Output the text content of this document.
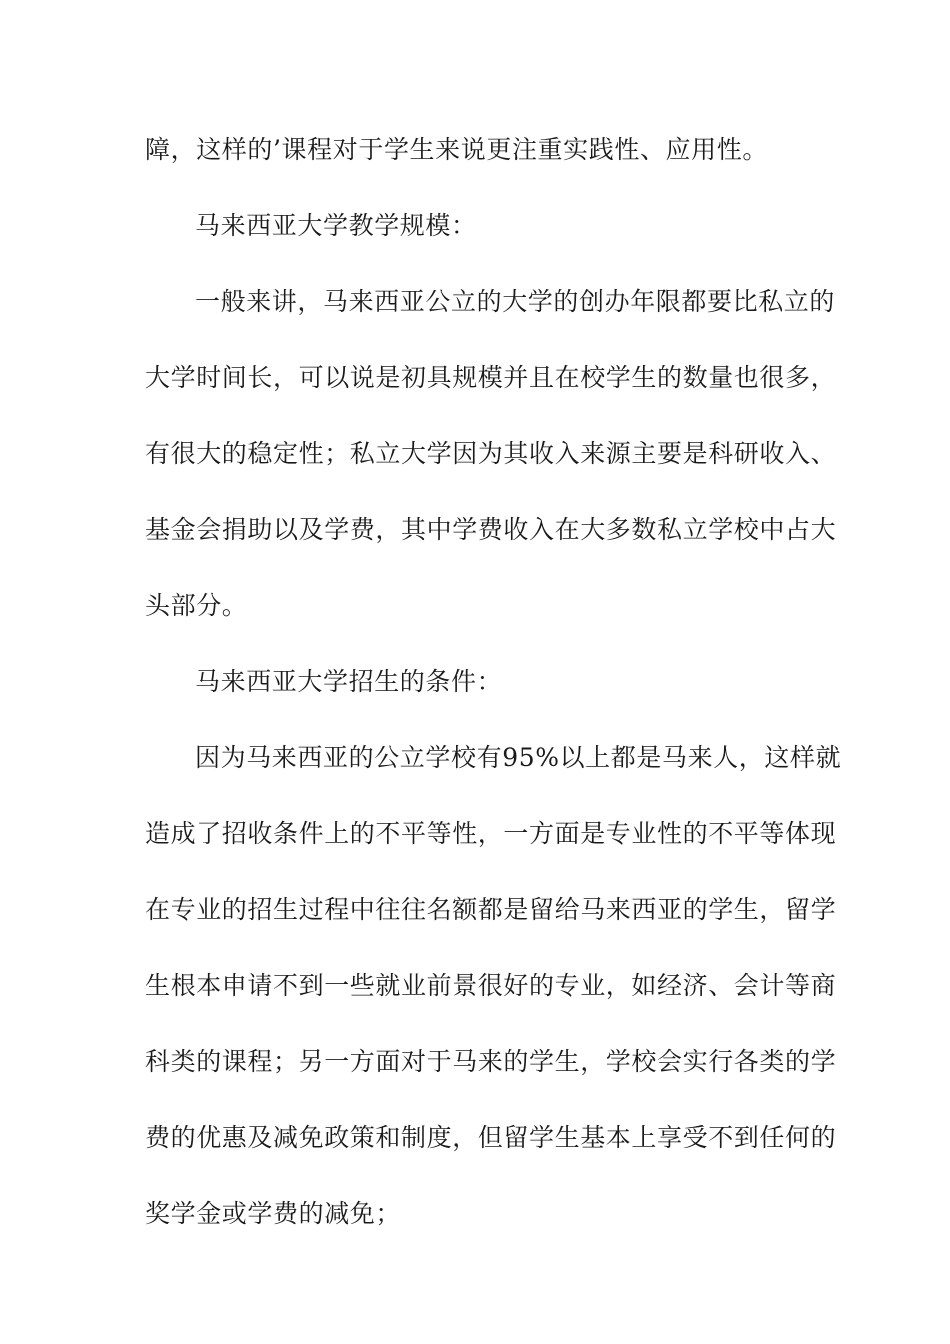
障，这样的’课程对于学生来说更注重实践性、应用性。
马来西亚大学教学规模：
一般来讲，马来西亚公立的大学的创办年限都要比私立的
大学时间长，可以说是初具规模并且在校学生的数量也很多，
有很大的稳定性；私立大学因为其收入来源主要是科研收入、
基金会捐助以及学费，其中学费收入在大多数私立学校中占大
头部分。
马来西亚大学招生的条件：
因为马来西亚的公立学校有95%以上都是马来人，这样就
造成了招收条件上的不平等性，一方面是专业性的不平等体现
在专业的招生过程中往往名额都是留给马来西亚的学生，留学
生根本申请不到一些就业前景很好的专业，如经济、会计等商
科类的课程；另一方面对于马来的学生，学校会实行各类的学
费的优惠及减免政策和制度，但留学生基本上享受不到任何的
奖学金或学费的减免；
